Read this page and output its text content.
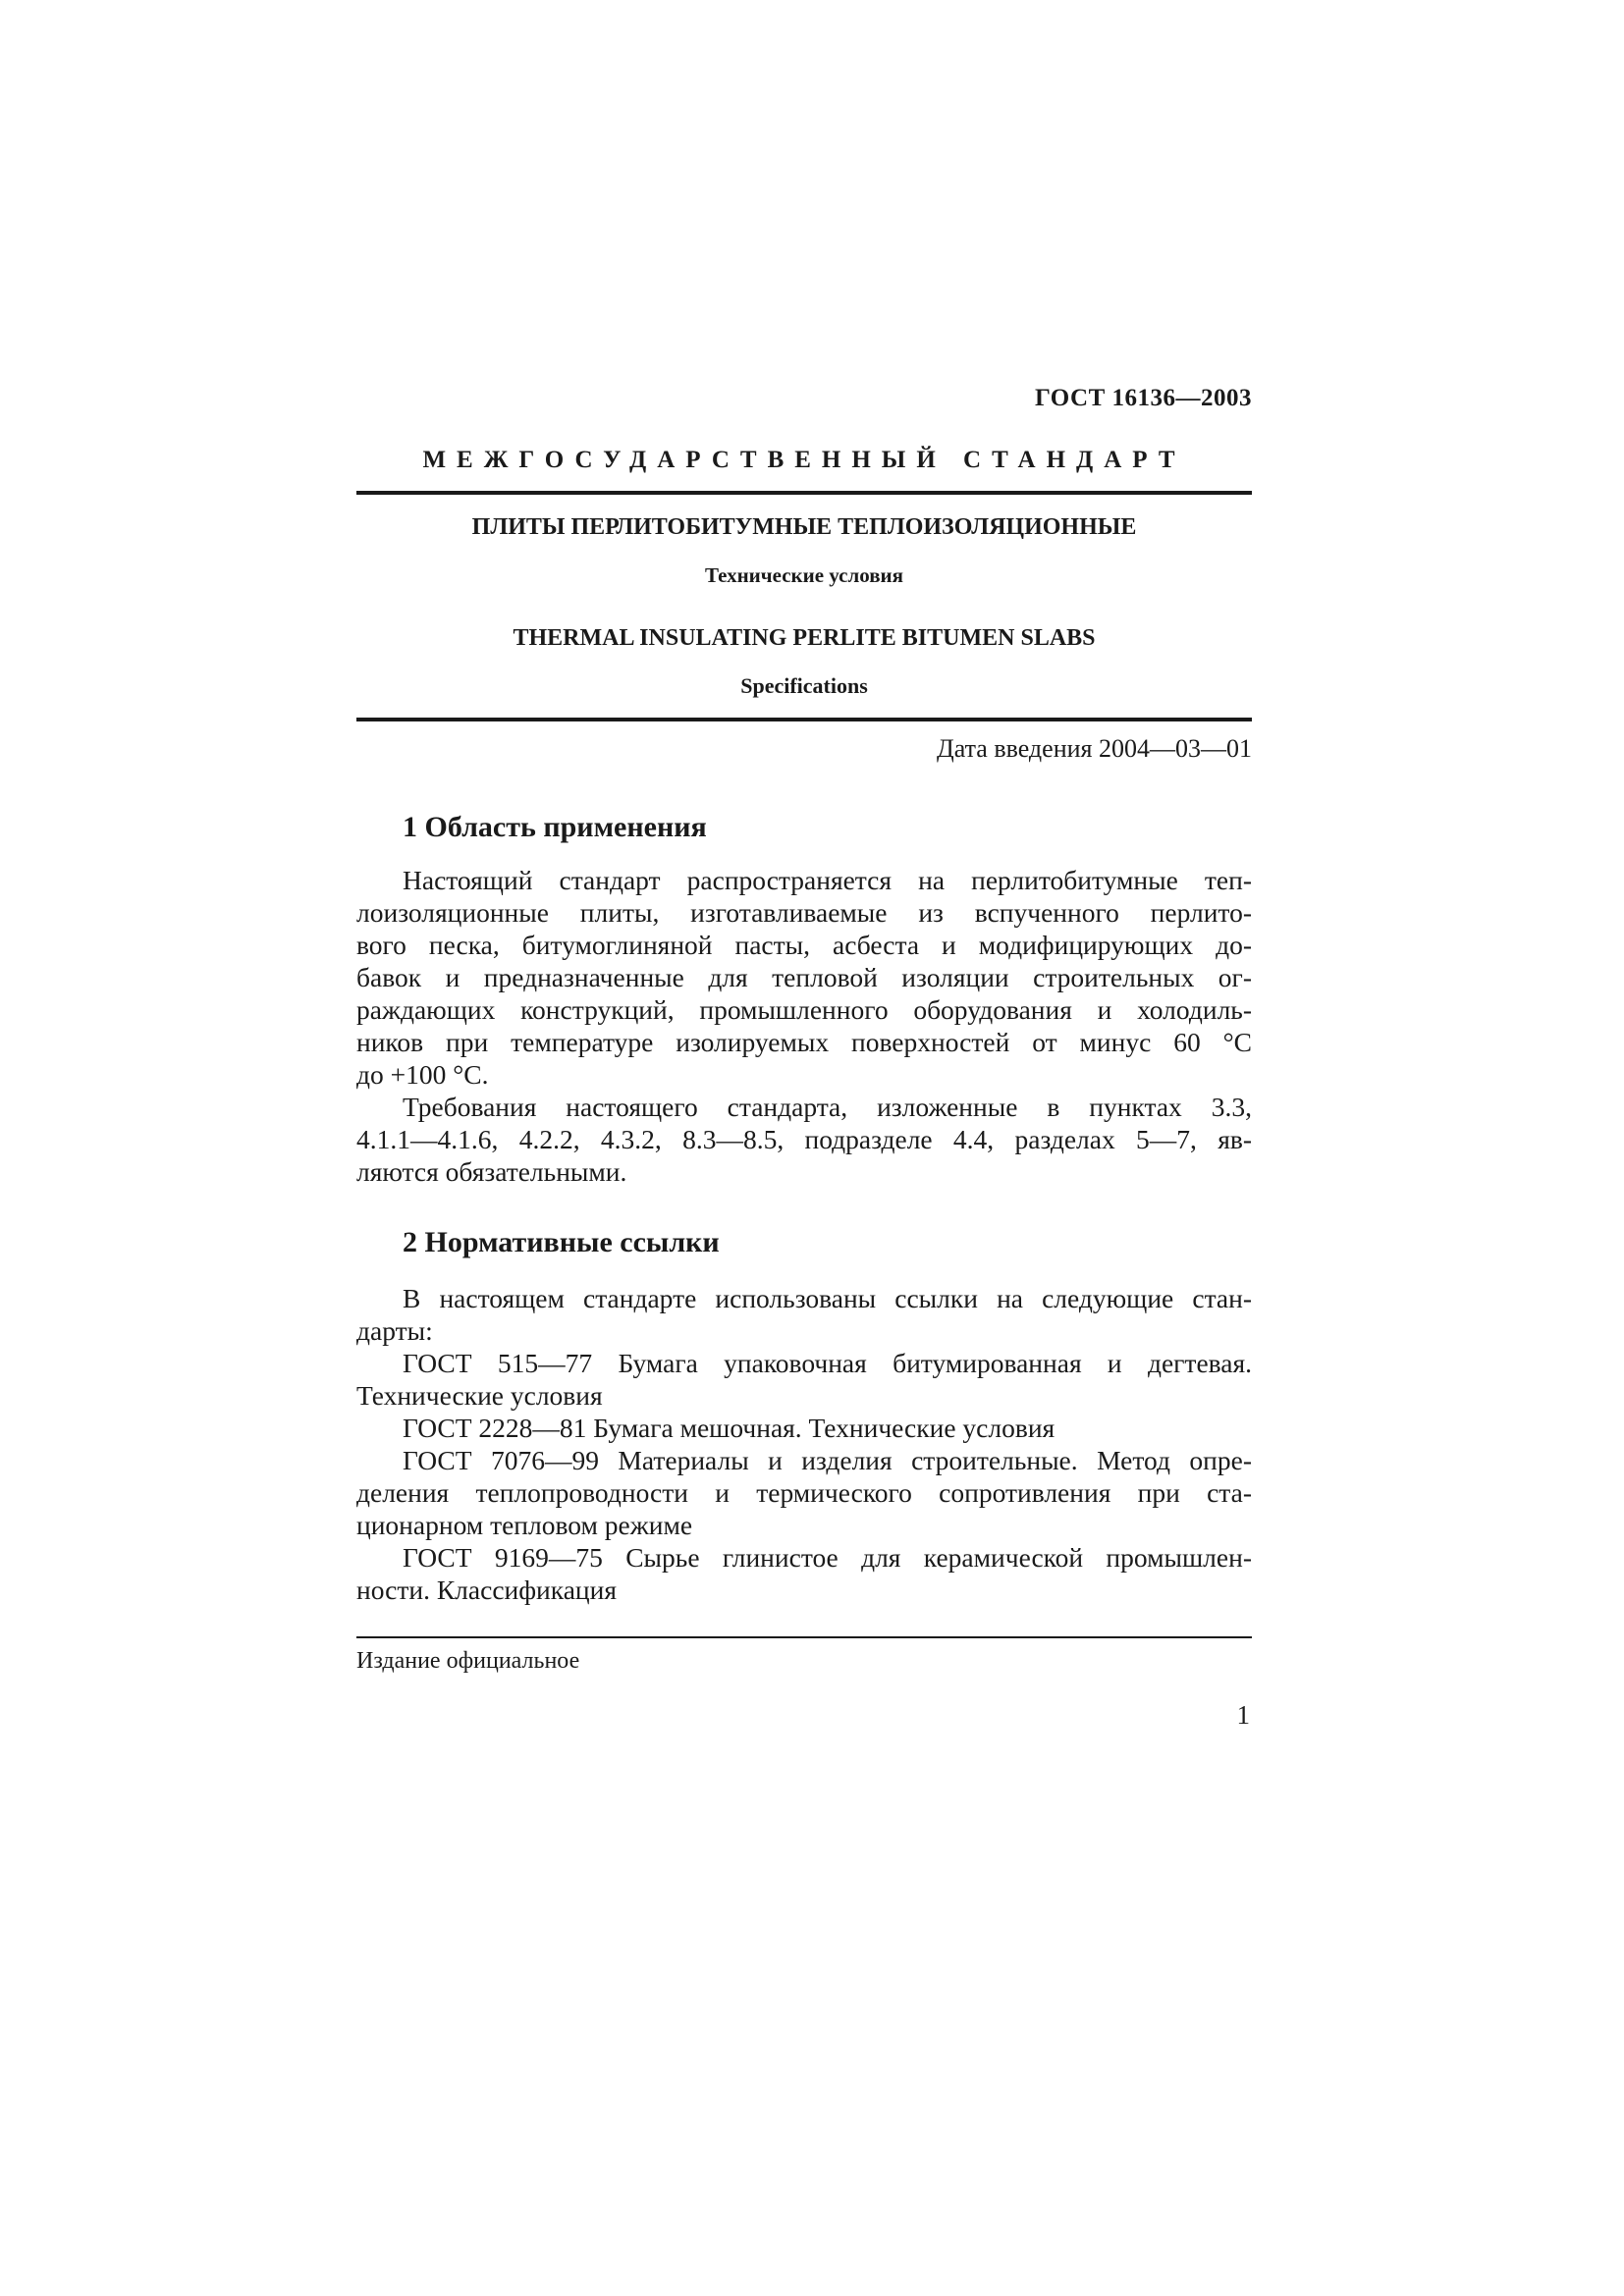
ГОСТ 16136—2003
МЕЖГОСУДАРСТВЕННЫЙ СТАНДАРТ
ПЛИТЫ ПЕРЛИТОБИТУМНЫЕ ТЕПЛОИЗОЛЯЦИОННЫЕ
Технические условия
THERMAL INSULATING PERLITE BITUMEN SLABS
Specifications
Дата введения 2004—03—01
1 Область применения
Настоящий стандарт распространяется на перлитобитумные теп-
лоизоляционные плиты, изготавливаемые из вспученного перлито-
вого песка, битумоглиняной пасты, асбеста и модифицирующих до-
бавок и предназначенные для тепловой изоляции строительных ог-
раждающих конструкций, промышленного оборудования и холодиль-
ников при температуре изолируемых поверхностей от минус 60 °С
до +100 °С.
Требования настоящего стандарта, изложенные в пунктах 3.3,
4.1.1—4.1.6, 4.2.2, 4.3.2, 8.3—8.5, подразделе 4.4, разделах 5—7, яв-
ляются обязательными.
2 Нормативные ссылки
В настоящем стандарте использованы ссылки на следующие стан-
дарты:
ГОСТ 515—77 Бумага упаковочная битумированная и дегтевая.
Технические условия
ГОСТ 2228—81 Бумага мешочная. Технические условия
ГОСТ 7076—99 Материалы и изделия строительные. Метод опре-
деления теплопроводности и термического сопротивления при ста-
ционарном тепловом режиме
ГОСТ 9169—75 Сырье глинистое для керамической промышлен-
ности. Классификация
Издание официальное
1
